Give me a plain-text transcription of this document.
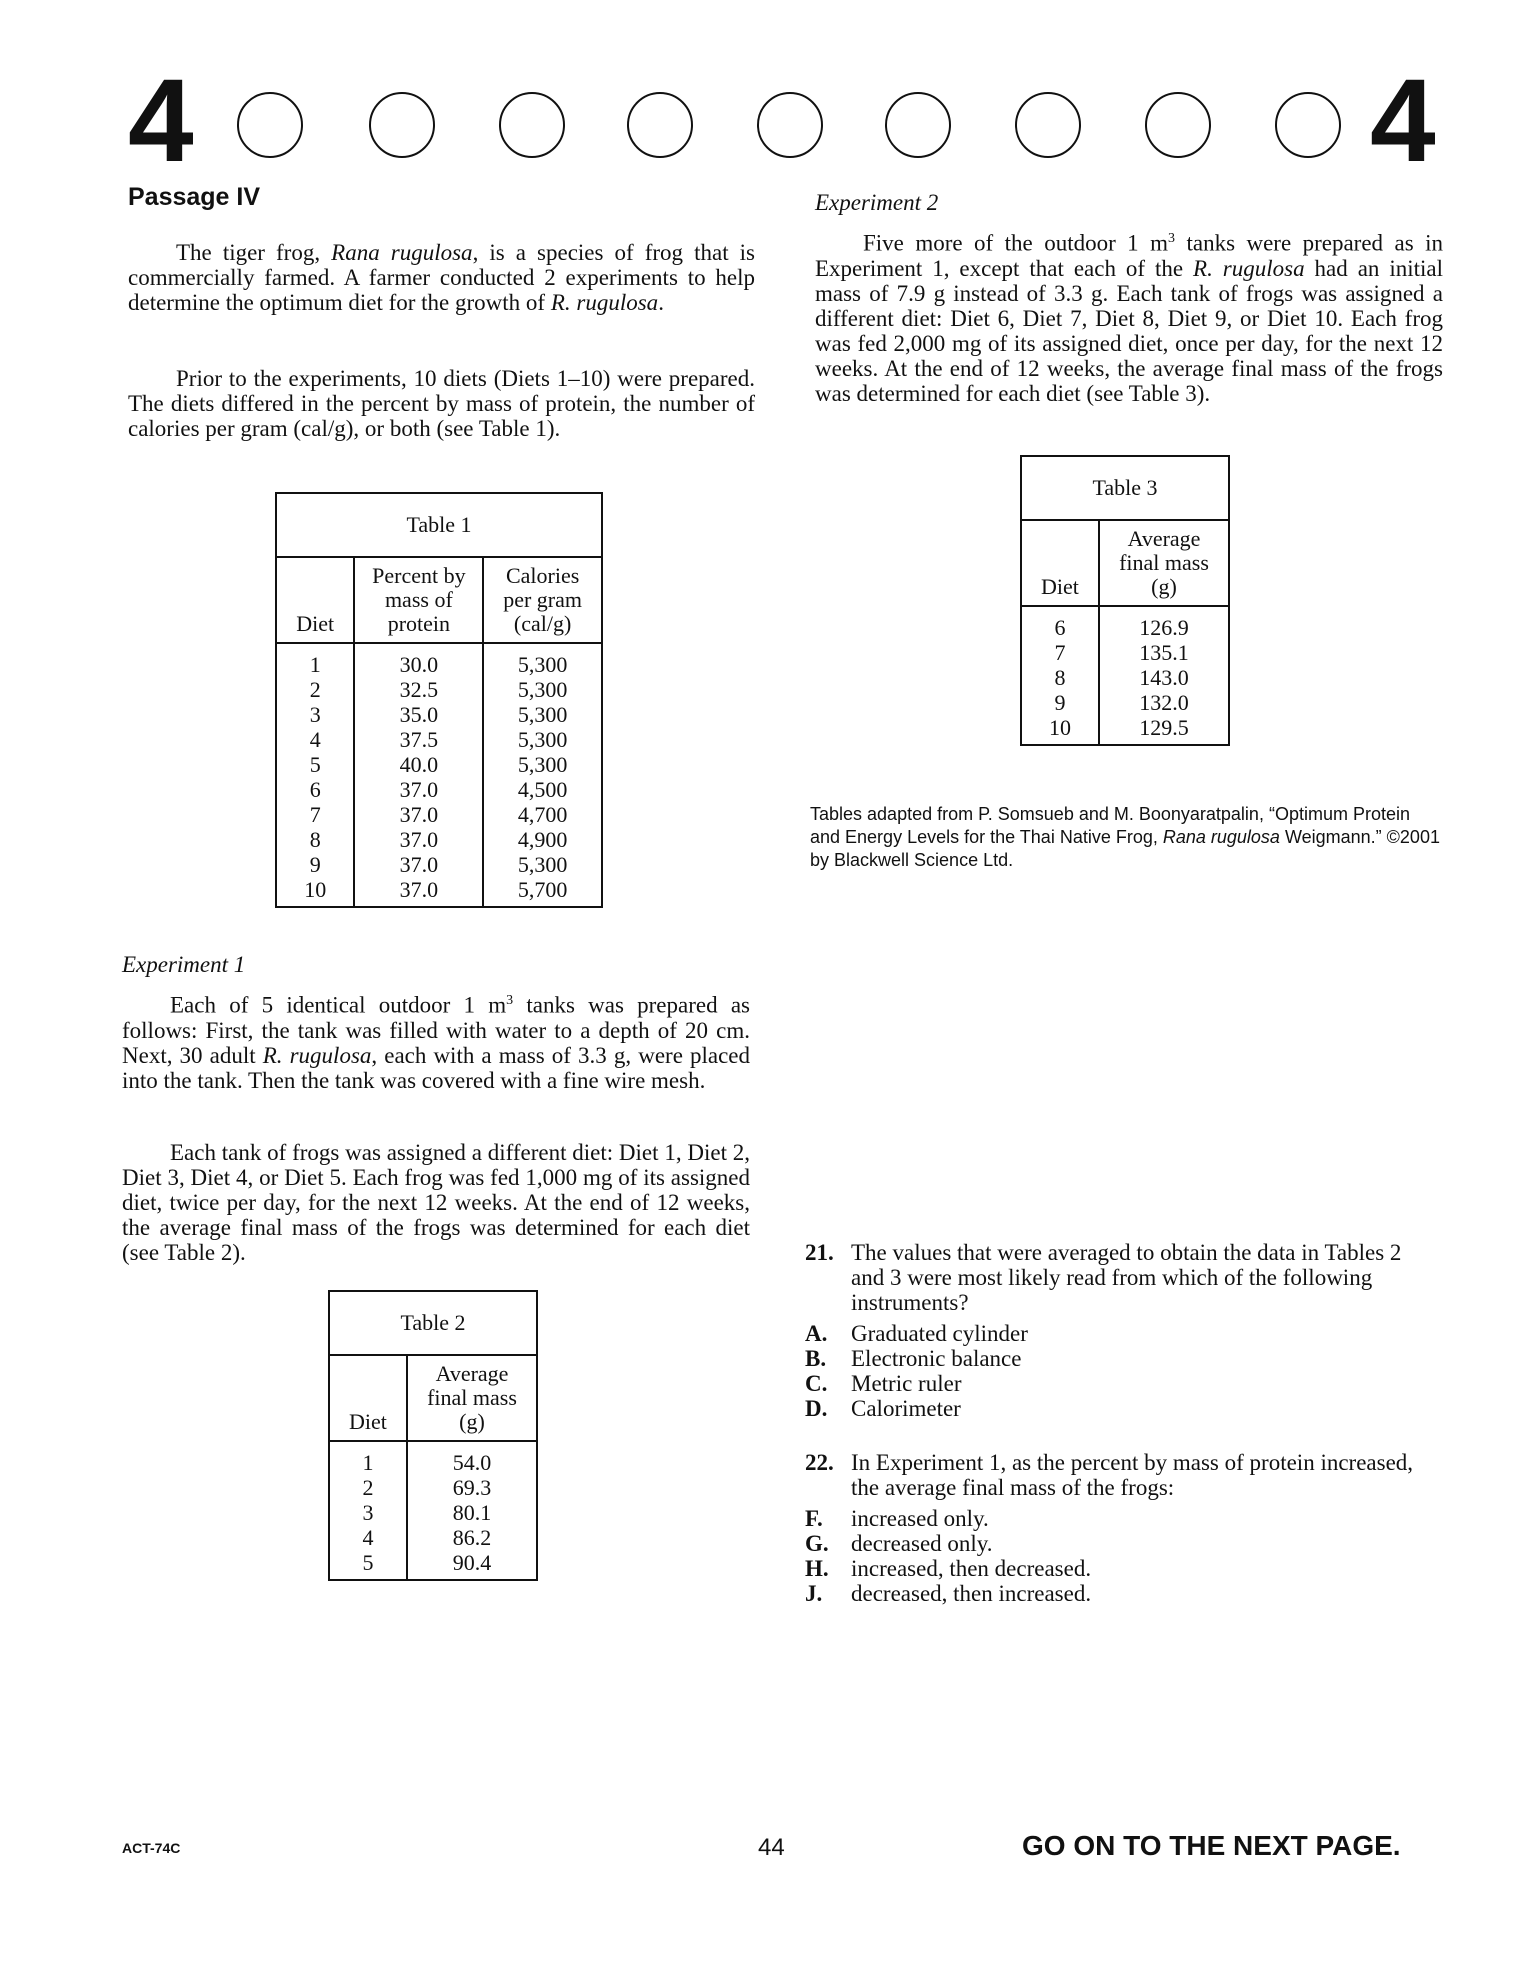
4	4
Passage IV

The tiger frog, Rana rugulosa, is a species of frog that is commercially farmed. A farmer conducted 2 experiments to help determine the optimum diet for the growth of R. rugulosa.

Prior to the experiments, 10 diets (Diets 1–10) were prepared. The diets differed in the percent by mass of protein, the number of calories per gram (cal/g), or both (see Table 1).

Table 1		
Diet	Percent by mass of protein	Calories per gram (cal/g)
1	30.0	5,300
2	32.5	5,300
3	35.0	5,300
4	37.5	5,300
5	40.0	5,300
6	37.0	4,500
7	37.0	4,700
8	37.0	4,900
9	37.0	5,300
10	37.0	5,700
Experiment 1

Each of 5 identical outdoor 1 $m^3$ tanks was prepared as follows: First, the tank was filled with water to a depth of 20 cm. Next, 30 adult R. rugulosa, each with a mass of 3.3 g, were placed into the tank. Then the tank was covered with a fine wire mesh.

Each tank of frogs was assigned a different diet: Diet 1, Diet 2, Diet 3, Diet 4, or Diet 5. Each frog was fed 1,000 mg of its assigned diet, twice per day, for the next 12 weeks. At the end of 12 weeks, the average final mass of the frogs was determined for each diet (see Table 2).

Table 2	
Diet	Average final mass (g)
1	54.0
2	69.3
3	80.1
4	86.2
5	90.4
Experiment 2

Five more of the outdoor 1 $m^3$ tanks were prepared as in Experiment 1, except that each of the R. rugulosa had an initial mass of 7.9 g instead of 3.3 g. Each tank of frogs was assigned a different diet: Diet 6, Diet 7, Diet 8, Diet 9, or Diet 10. Each frog was fed 2,000 mg of its assigned diet, once per day, for the next 12 weeks. At the end of 12 weeks, the average final mass of the frogs was determined for each diet (see Table 3).

Table 3	
Diet	Average final mass (g)
6	126.9
7	135.1
8	143.0
9	132.0
10	129.5
Tables adapted from P. Somsueb and M. Boonyaratpalin, “Optimum Protein and Energy Levels for the Thai Native Frog, Rana rugulosa Weigmann.” ©2001 by Blackwell Science Ltd.
21. The values that were averaged to obtain the data in Tables 2 and 3 were most likely read from which of the following instruments?
A. Graduated cylinder
B. Electronic balance
C. Metric ruler
D. Calorimeter
22. In Experiment 1, as the percent by mass of protein increased, the average final mass of the frogs:
F. increased only.
G. decreased only.
H. increased, then decreased.
J. decreased, then increased.
ACT-74C	44	GO ON TO THE NEXT PAGE.
